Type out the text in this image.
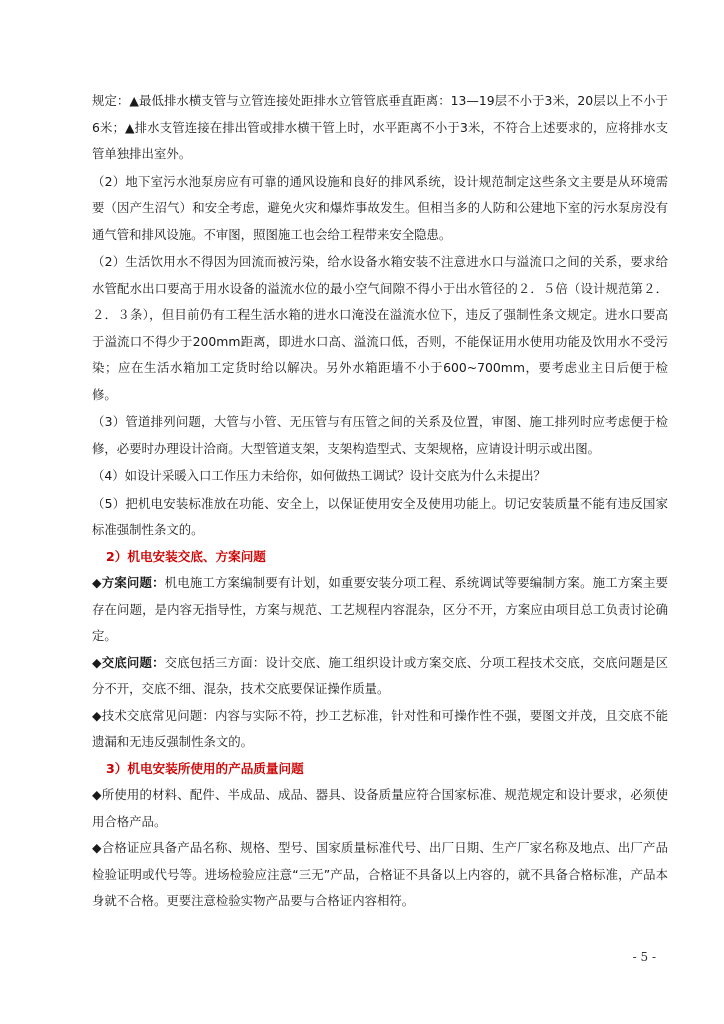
规定：▲最低排水横支管与立管连接处距排水立管管底垂直距离：13—19层不小于3米，20层以上不小于6米；▲排水支管连接在排出管或排水横干管上时，水平距离不小于3米，不符合上述要求的，应将排水支管单独排出室外。

（2）地下室污水池泵房应有可靠的通风设施和良好的排风系统，设计规范制定这些条文主要是从环境需要（因产生沼气）和安全考虑，避免火灾和爆炸事故发生。但相当多的人防和公建地下室的污水泵房没有通气管和排风设施。不审图，照图施工也会给工程带来安全隐患。

（2）生活饮用水不得因为回流而被污染，给水设备水箱安装不注意进水口与溢流口之间的关系，要求给水管配水出口要高于用水设备的溢流水位的最小空气间隙不得小于出水管径的２．５倍（设计规范第２．２．３条），但目前仍有工程生活水箱的进水口淹没在溢流水位下，违反了强制性条文规定。进水口要高于溢流口不得少于200mm距离，即进水口高、溢流口低，否则，不能保证用水使用功能及饮用水不受污染；应在生活水箱加工定货时给以解决。另外水箱距墙不小于600~700mm，要考虑业主日后便于检修。

（3）管道排列问题，大管与小管、无压管与有压管之间的关系及位置，审图、施工排列时应考虑便于检修，必要时办理设计洽商。大型管道支架，支架构造型式、支架规格，应请设计明示或出图。

（4）如设计采暖入口工作压力未给你，如何做热工调试？设计交底为什么未提出？

（5）把机电安装标准放在功能、安全上，以保证使用安全及使用功能上。切记安装质量不能有违反国家标准强制性条文的。

2）机电安装交底、方案问题

◆方案问题：机电施工方案编制要有计划，如重要安装分项工程、系统调试等要编制方案。施工方案主要存在问题，是内容无指导性，方案与规范、工艺规程内容混杂，区分不开，方案应由项目总工负责讨论确定。

◆交底问题：交底包括三方面：设计交底、施工组织设计或方案交底、分项工程技术交底，交底问题是区分不开，交底不细、混杂，技术交底要保证操作质量。

◆技术交底常见问题：内容与实际不符，抄工艺标准，针对性和可操作性不强，要图文并茂，且交底不能遗漏和无违反强制性条文的。

3）机电安装所使用的产品质量问题

◆所使用的材料、配件、半成品、成品、器具、设备质量应符合国家标准、规范规定和设计要求，必须使用合格产品。

◆合格证应具备产品名称、规格、型号、国家质量标准代号、出厂日期、生产厂家名称及地点、出厂产品检验证明或代号等。进场检验应注意“三无”产品，合格证不具备以上内容的，就不具备合格标准，产品本身就不合格。更要注意检验实物产品要与合格证内容相符。

- 5 -
